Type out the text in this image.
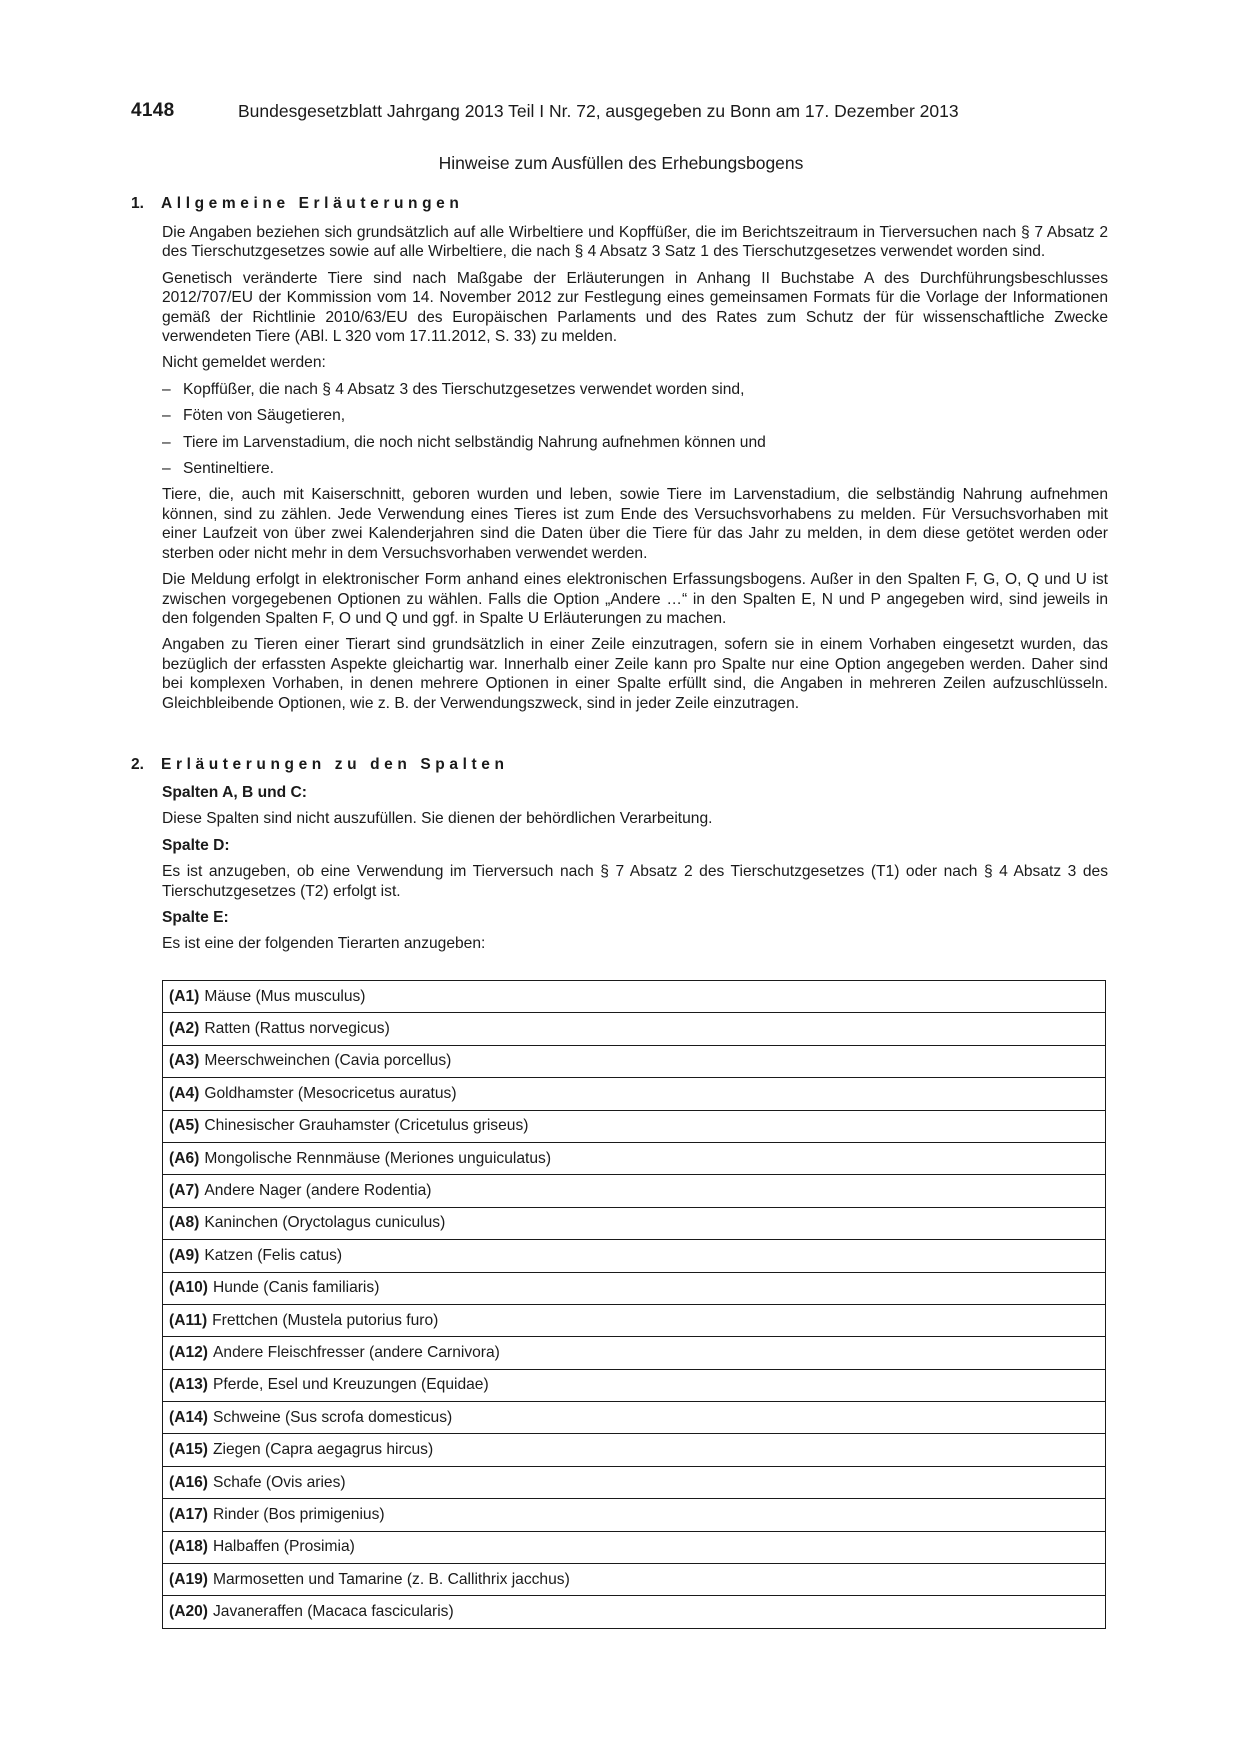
4148	Bundesgesetzblatt Jahrgang 2013 Teil I Nr. 72, ausgegeben zu Bonn am 17. Dezember 2013
Hinweise zum Ausfüllen des Erhebungsbogens
1. Allgemeine Erläuterungen

Die Angaben beziehen sich grundsätzlich auf alle Wirbeltiere und Kopffüßer, die im Berichtszeitraum in Tierversuchen nach § 7 Absatz 2 des Tierschutzgesetzes sowie auf alle Wirbeltiere, die nach § 4 Absatz 3 Satz 1 des Tierschutzgesetzes verwendet worden sind.

Genetisch veränderte Tiere sind nach Maßgabe der Erläuterungen in Anhang II Buchstabe A des Durchführungsbeschlusses 2012/707/EU der Kommission vom 14. November 2012 zur Festlegung eines gemeinsamen Formats für die Vorlage der Informationen gemäß der Richtlinie 2010/63/EU des Europäischen Parlaments und des Rates zum Schutz der für wissenschaftliche Zwecke verwendeten Tiere (ABl. L 320 vom 17.11.2012, S. 33) zu melden.

Nicht gemeldet werden:

– Kopffüßer, die nach § 4 Absatz 3 des Tierschutzgesetzes verwendet worden sind,

– Föten von Säugetieren,

– Tiere im Larvenstadium, die noch nicht selbständig Nahrung aufnehmen können und

– Sentineltiere.

Tiere, die, auch mit Kaiserschnitt, geboren wurden und leben, sowie Tiere im Larvenstadium, die selbständig Nahrung aufnehmen können, sind zu zählen. Jede Verwendung eines Tieres ist zum Ende des Versuchsvorhabens zu melden. Für Versuchsvorhaben mit einer Laufzeit von über zwei Kalenderjahren sind die Daten über die Tiere für das Jahr zu melden, in dem diese getötet werden oder sterben oder nicht mehr in dem Versuchsvorhaben verwendet werden.

Die Meldung erfolgt in elektronischer Form anhand eines elektronischen Erfassungsbogens. Außer in den Spalten F, G, O, Q und U ist zwischen vorgegebenen Optionen zu wählen. Falls die Option „Andere …“ in den Spalten E, N und P angegeben wird, sind jeweils in den folgenden Spalten F, O und Q und ggf. in Spalte U Erläuterungen zu machen.

Angaben zu Tieren einer Tierart sind grundsätzlich in einer Zeile einzutragen, sofern sie in einem Vorhaben eingesetzt wurden, das bezüglich der erfassten Aspekte gleichartig war. Innerhalb einer Zeile kann pro Spalte nur eine Option angegeben werden. Daher sind bei komplexen Vorhaben, in denen mehrere Optionen in einer Spalte erfüllt sind, die Angaben in mehreren Zeilen aufzuschlüsseln. Gleichbleibende Optionen, wie z. B. der Verwendungszweck, sind in jeder Zeile einzutragen.

2. Erläuterungen zu den Spalten

Spalten A, B und C:

Diese Spalten sind nicht auszufüllen. Sie dienen der behördlichen Verarbeitung.

Spalte D:

Es ist anzugeben, ob eine Verwendung im Tierversuch nach § 7 Absatz 2 des Tierschutzgesetzes (T1) oder nach § 4 Absatz 3 des Tierschutzgesetzes (T2) erfolgt ist.

Spalte E:

Es ist eine der folgenden Tierarten anzugeben:

(A1) Mäuse (Mus musculus)
(A2) Ratten (Rattus norvegicus)
(A3) Meerschweinchen (Cavia porcellus)
(A4) Goldhamster (Mesocricetus auratus)
(A5) Chinesischer Grauhamster (Cricetulus griseus)
(A6) Mongolische Rennmäuse (Meriones unguiculatus)
(A7) Andere Nager (andere Rodentia)
(A8) Kaninchen (Oryctolagus cuniculus)
(A9) Katzen (Felis catus)
(A10) Hunde (Canis familiaris)
(A11) Frettchen (Mustela putorius furo)
(A12) Andere Fleischfresser (andere Carnivora)
(A13) Pferde, Esel und Kreuzungen (Equidae)
(A14) Schweine (Sus scrofa domesticus)
(A15) Ziegen (Capra aegagrus hircus)
(A16) Schafe (Ovis aries)
(A17) Rinder (Bos primigenius)
(A18) Halbaffen (Prosimia)
(A19) Marmosetten und Tamarine (z. B. Callithrix jacchus)
(A20) Javaneraffen (Macaca fascicularis)
